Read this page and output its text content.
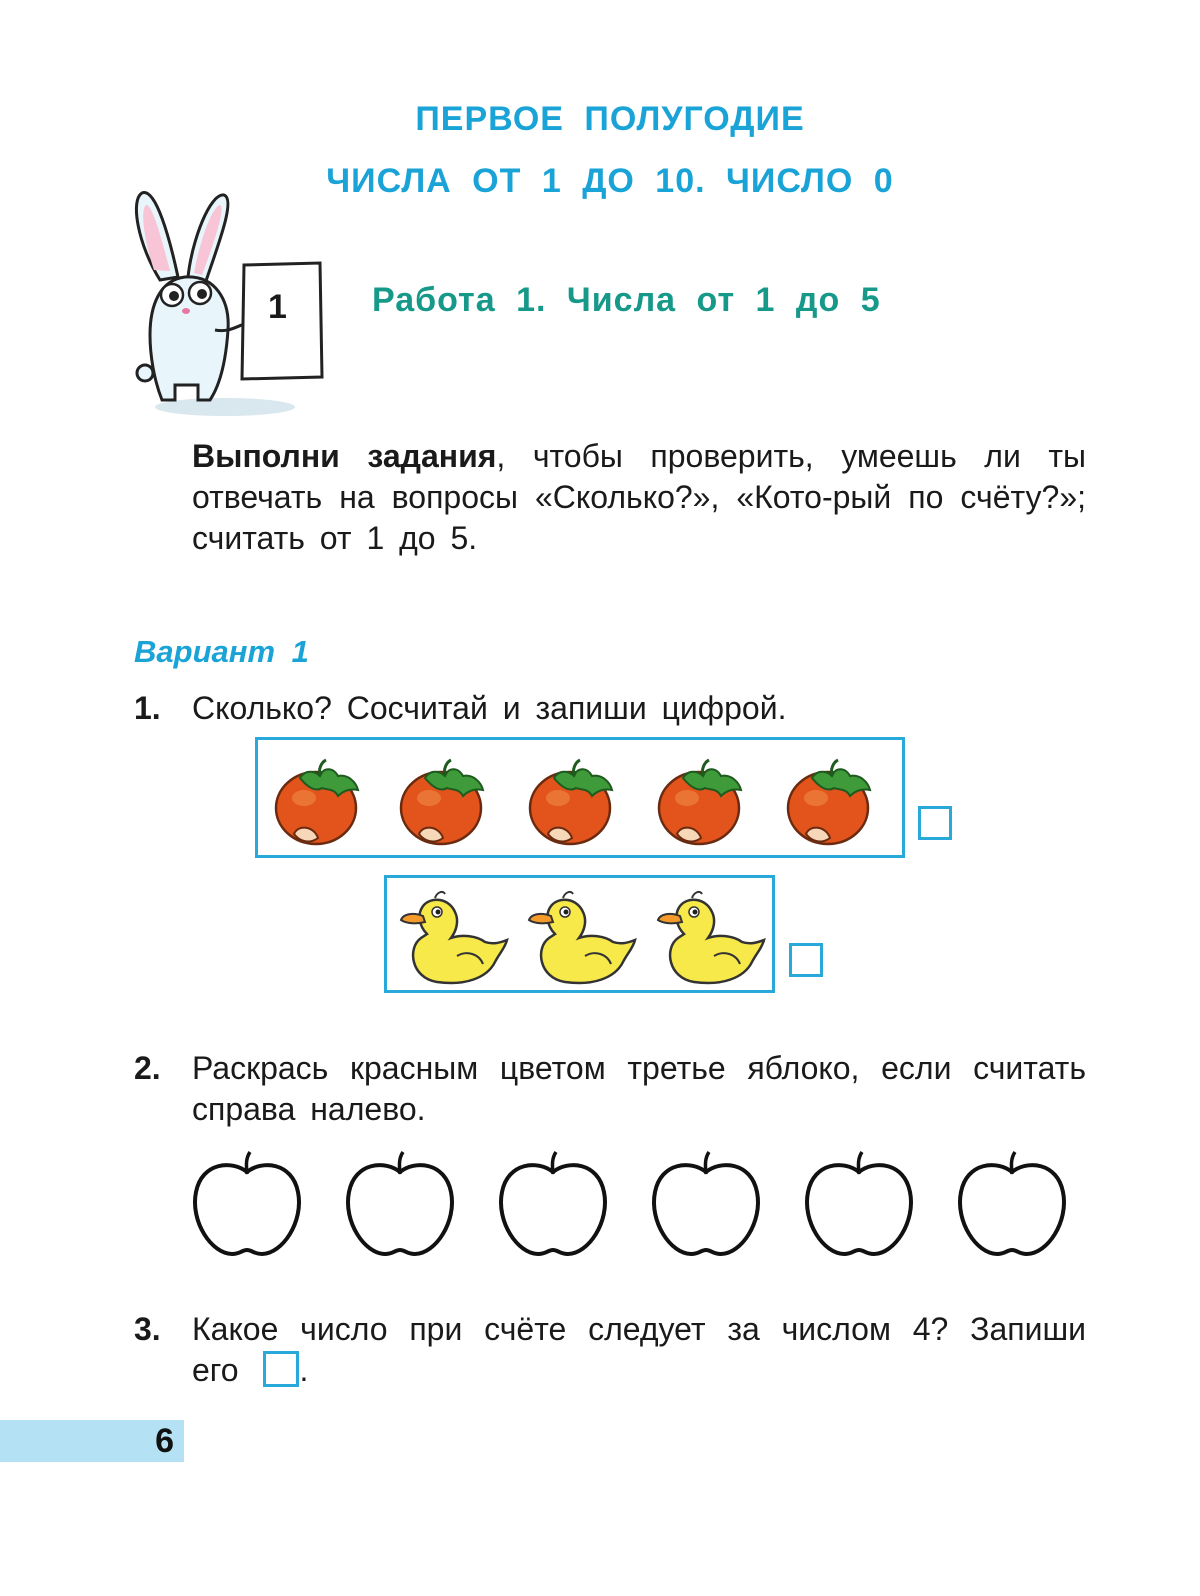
ПЕРВОЕ ПОЛУГОДИЕ
ЧИСЛА ОТ 1 ДО 10. ЧИСЛО 0
1	Работа 1. Числа от 1 до 5
Выполни задания, чтобы проверить, умеешь ли ты отвечать на вопросы «Сколько?», «Кото-рый по счёту?»; считать от 1 до 5.
Вариант 1
1. Сколько? Сосчитай и запиши цифрой.
2. Раскрась красным цветом третье яблоко, если считать справа налево.
3. Какое число при счёте следует за числом 4? Запиши его .
6
